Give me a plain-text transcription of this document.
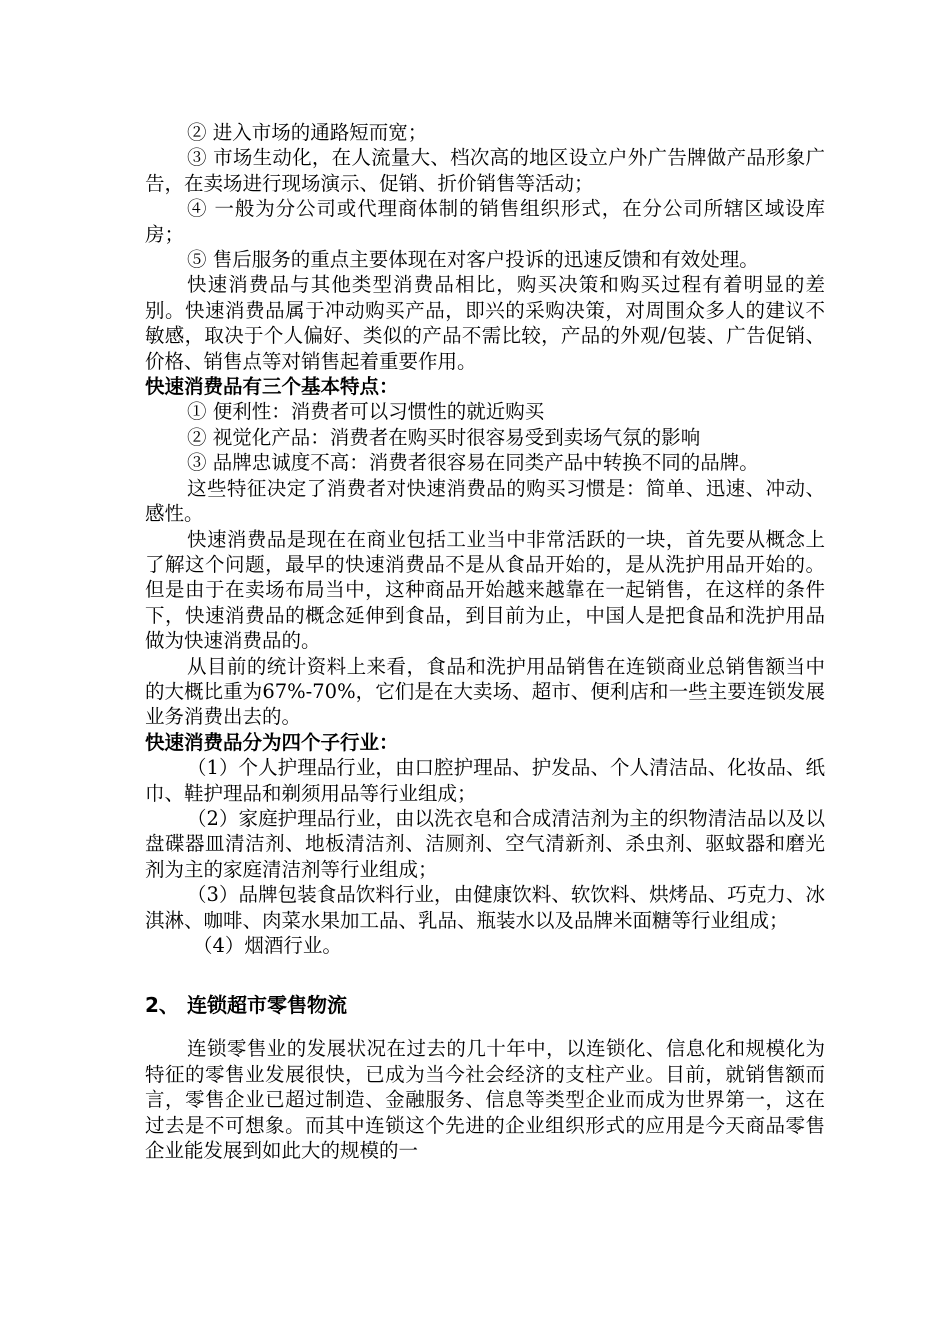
② 进入市场的通路短而宽；

③ 市场生动化，在人流量大、档次高的地区设立户外广告牌做产品形象广告，在卖场进行现场演示、促销、折价销售等活动；

④ 一般为分公司或代理商体制的销售组织形式，在分公司所辖区域设库房；

⑤ 售后服务的重点主要体现在对客户投诉的迅速反馈和有效处理。

快速消费品与其他类型消费品相比，购买决策和购买过程有着明显的差别。快速消费品属于冲动购买产品，即兴的采购决策，对周围众多人的建议不敏感，取决于个人偏好、类似的产品不需比较，产品的外观/包装、广告促销、价格、销售点等对销售起着重要作用。

快速消费品有三个基本特点：

① 便利性：消费者可以习惯性的就近购买

② 视觉化产品：消费者在购买时很容易受到卖场气氛的影响

③ 品牌忠诚度不高：消费者很容易在同类产品中转换不同的品牌。

这些特征决定了消费者对快速消费品的购买习惯是：简单、迅速、冲动、感性。

快速消费品是现在在商业包括工业当中非常活跃的一块，首先要从概念上了解这个问题，最早的快速消费品不是从食品开始的，是从洗护用品开始的。但是由于在卖场布局当中，这种商品开始越来越靠在一起销售，在这样的条件下，快速消费品的概念延伸到食品，到目前为止，中国人是把食品和洗护用品做为快速消费品的。

从目前的统计资料上来看，食品和洗护用品销售在连锁商业总销售额当中的大概比重为67%-70%，它们是在大卖场、超市、便利店和一些主要连锁发展业务消费出去的。

快速消费品分为四个子行业：

（1）个人护理品行业，由口腔护理品、护发品、个人清洁品、化妆品、纸巾、鞋护理品和剃须用品等行业组成；

（2）家庭护理品行业，由以洗衣皂和合成清洁剂为主的织物清洁品以及以盘碟器皿清洁剂、地板清洁剂、洁厕剂、空气清新剂、杀虫剂、驱蚊器和磨光剂为主的家庭清洁剂等行业组成；

（3）品牌包装食品饮料行业，由健康饮料、软饮料、烘烤品、巧克力、冰淇淋、咖啡、肉菜水果加工品、乳品、瓶装水以及品牌米面糖等行业组成；

（4）烟酒行业。

2、 连锁超市零售物流

连锁零售业的发展状况在过去的几十年中，以连锁化、信息化和规模化为特征的零售业发展很快，已成为当今社会经济的支柱产业。目前，就销售额而言，零售企业已超过制造、金融服务、信息等类型企业而成为世界第一，这在过去是不可想象。而其中连锁这个先进的企业组织形式的应用是今天商品零售企业能发展到如此大的规模的一
